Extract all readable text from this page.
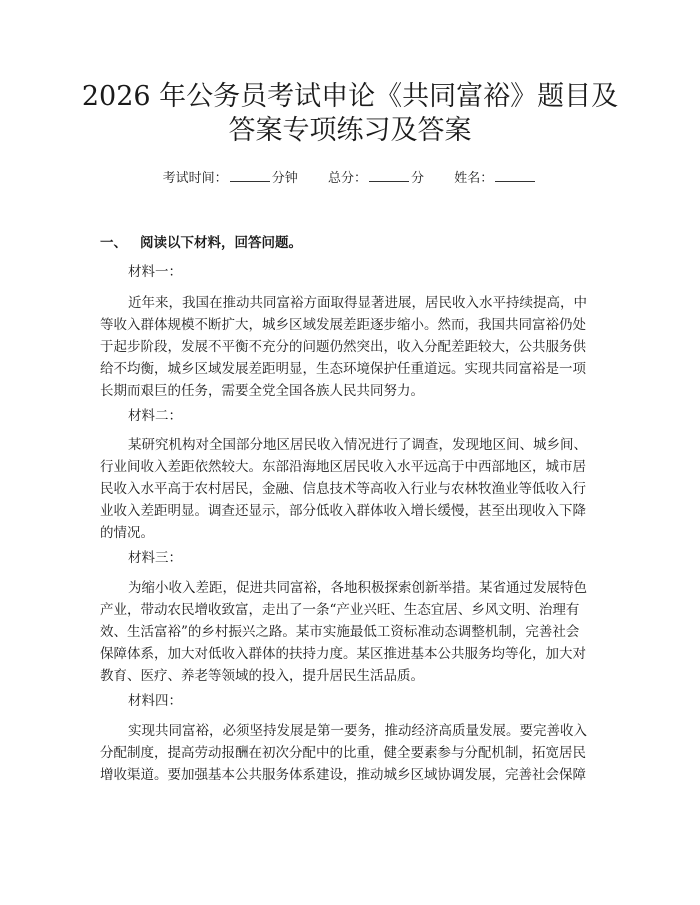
2026 年公务员考试申论《共同富裕》题目及
答案专项练习及答案
考试时间：	分钟 总分：	分 姓名：
一、 阅读以下材料，回答问题。
材料一：
近年来，我国在推动共同富裕方面取得显著进展，居民收入水平持续提高，中
等收入群体规模不断扩大，城乡区域发展差距逐步缩小。然而，我国共同富裕仍处
于起步阶段，发展不平衡不充分的问题仍然突出，收入分配差距较大，公共服务供
给不均衡，城乡区域发展差距明显，生态环境保护任重道远。实现共同富裕是一项
长期而艰巨的任务，需要全党全国各族人民共同努力。
材料二：
某研究机构对全国部分地区居民收入情况进行了调查，发现地区间、城乡间、
行业间收入差距依然较大。东部沿海地区居民收入水平远高于中西部地区，城市居
民收入水平高于农村居民，金融、信息技术等高收入行业与农林牧渔业等低收入行
业收入差距明显。调查还显示，部分低收入群体收入增长缓慢，甚至出现收入下降
的情况。
材料三：
为缩小收入差距，促进共同富裕，各地积极探索创新举措。某省通过发展特色
产业，带动农民增收致富，走出了一条“产业兴旺、生态宜居、乡风文明、治理有
效、生活富裕”的乡村振兴之路。某市实施最低工资标准动态调整机制，完善社会
保障体系，加大对低收入群体的扶持力度。某区推进基本公共服务均等化，加大对
教育、医疗、养老等领域的投入，提升居民生活品质。
材料四：
实现共同富裕，必须坚持发展是第一要务，推动经济高质量发展。要完善收入
分配制度，提高劳动报酬在初次分配中的比重，健全要素参与分配机制，拓宽居民
增收渠道。要加强基本公共服务体系建设，推动城乡区域协调发展，完善社会保障
